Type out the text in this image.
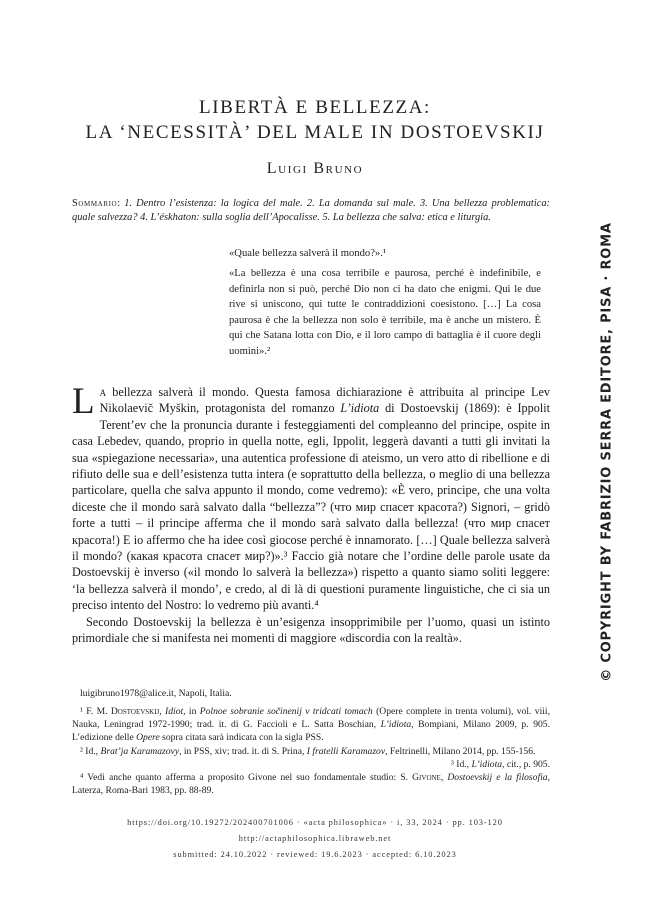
LIBERTÀ E BELLEZZA:
LA ‘NECESSITÀ’ DEL MALE IN DOSTOEVSKIJ
Luigi Bruno
Sommario: 1. Dentro l’esistenza: la logica del male. 2. La domanda sul male. 3. Una bellezza problematica: quale salvezza? 4. L’éskhaton: sulla soglia dell’Apocalisse. 5. La bellezza che salva: etica e liturgia.
«Quale bellezza salverà il mondo?».¹
«La bellezza è una cosa terribile e paurosa, perché è indefinibile, e definirla non si può, perché Dio non ci ha dato che enigmi. Qui le due rive si uniscono, qui tutte le contraddizioni coesistono. […] La cosa paurosa è che la bellezza non solo è terribile, ma è anche un mistero. È qui che Satana lotta con Dio, e il loro campo di battaglia è il cuore degli uomini».²

La bellezza salverà il mondo. Questa famosa dichiarazione è attribuita al principe Lev Nikolaevič Myškin, protagonista del romanzo L’idiota di Dostoevskij (1869): è Ippolit Terent’ev che la pronuncia durante i festeggiamenti del compleanno del principe, ospite in casa Lebedev, quando, proprio in quella notte, egli, Ippolit, leggerà davanti a tutti gli invitati la sua «spiegazione necessaria», una autentica professione di ateismo, un vero atto di ribellione e di rifiuto delle sua e dell’esistenza tutta intera (e soprattutto della bellezza, o meglio di una bellezza particolare, quella che salva appunto il mondo, come vedremo): «È vero, principe, che una volta diceste che il mondo sarà salvato dalla “bellezza”? (что мир спасет красота?) Signori, – gridò forte a tutti – il principe afferma che il mondo sarà salvato dalla bellezza! (что мир спасет красота!) E io affermo che ha idee così giocose perché è innamorato. […] Quale bellezza salverà il mondo? (какая красота спасет мир?)».³ Faccio già notare che l’ordine delle parole usate da Dostoevskij è inverso («il mondo lo salverà la bellezza») rispetto a quanto siamo soliti leggere: ‘la bellezza salverà il mondo’, e credo, al di là di questioni puramente linguistiche, che ci sia un preciso intento del Nostro: lo vedremo più avanti.⁴

Secondo Dostoevskij la bellezza è un’esigenza insopprimibile per l’uomo, quasi un istinto primordiale che si manifesta nei momenti di maggiore «discordia con la realtà».

luigibruno1978@alice.it, Napoli, Italia.

¹ F. M. Dostoevskij, Idiot, in Polnoe sobranie sočinenij v tridcati tomach (Opere complete in trenta volumi), vol. viii, Nauka, Leningrad 1972-1990; trad. it. di G. Faccioli e L. Satta Boschian, L’idiota, Bompiani, Milano 2009, p. 905. L’edizione delle Opere sopra citata sarà indicata con la sigla PSS.

² Id., Brat’ja Karamazovy, in PSS, xiv; trad. it. di S. Prina, I fratelli Karamazov, Feltrinelli, Milano 2014, pp. 155-156.
³ Id., L’idiota, cit., p. 905.

⁴ Vedi anche quanto afferma a proposito Givone nel suo fondamentale studio: S. Givone, Dostoevskij e la filosofia, Laterza, Roma-Bari 1983, pp. 88-89.

https://doi.org/10.19272/202400701006 · «acta philosophica» · i, 33, 2024 · pp. 103-120
http://actaphilosophica.libraweb.net
submitted: 24.10.2022 · reviewed: 19.6.2023 · accepted: 6.10.2023
© COPYRIGHT BY FABRIZIO SERRA EDITORE, PISA · ROMA
